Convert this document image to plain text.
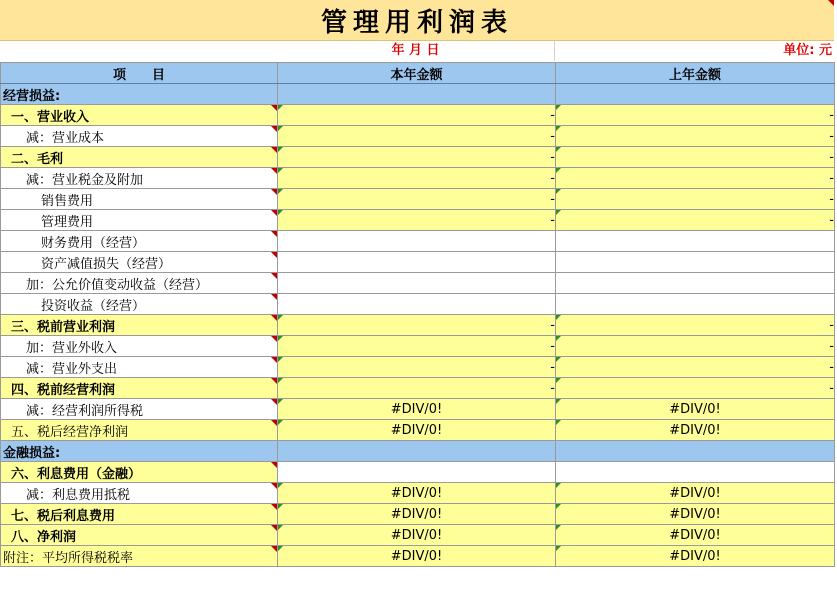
管理用利润表
年 月 日	单位: 元
项　　目	本年金额	上年金额
经营损益:		
一、营业收入	-	-

减：营业成本	-	-

二、毛利	-	-

减：营业税金及附加	-	-

销售费用	-	-

管理费用	-	-

财务费用（经营）

资产减值损失（经营）

加：公允价值变动收益（经营）

投资收益（经营）

三、税前营业利润	-	-

加：营业外收入	-	-

减：营业外支出	-	-

四、税前经营利润	-	-

减：经营利润所得税	#DIV/0!	#DIV/0!

五、税后经营净利润	#DIV/0!	#DIV/0!

金融损益:		
六、利息费用（金融）

减：利息费用抵税	#DIV/0!	#DIV/0!

七、税后利息费用	#DIV/0!	#DIV/0!

八、净利润	#DIV/0!	#DIV/0!

附注：平均所得税税率	#DIV/0!	#DIV/0!
